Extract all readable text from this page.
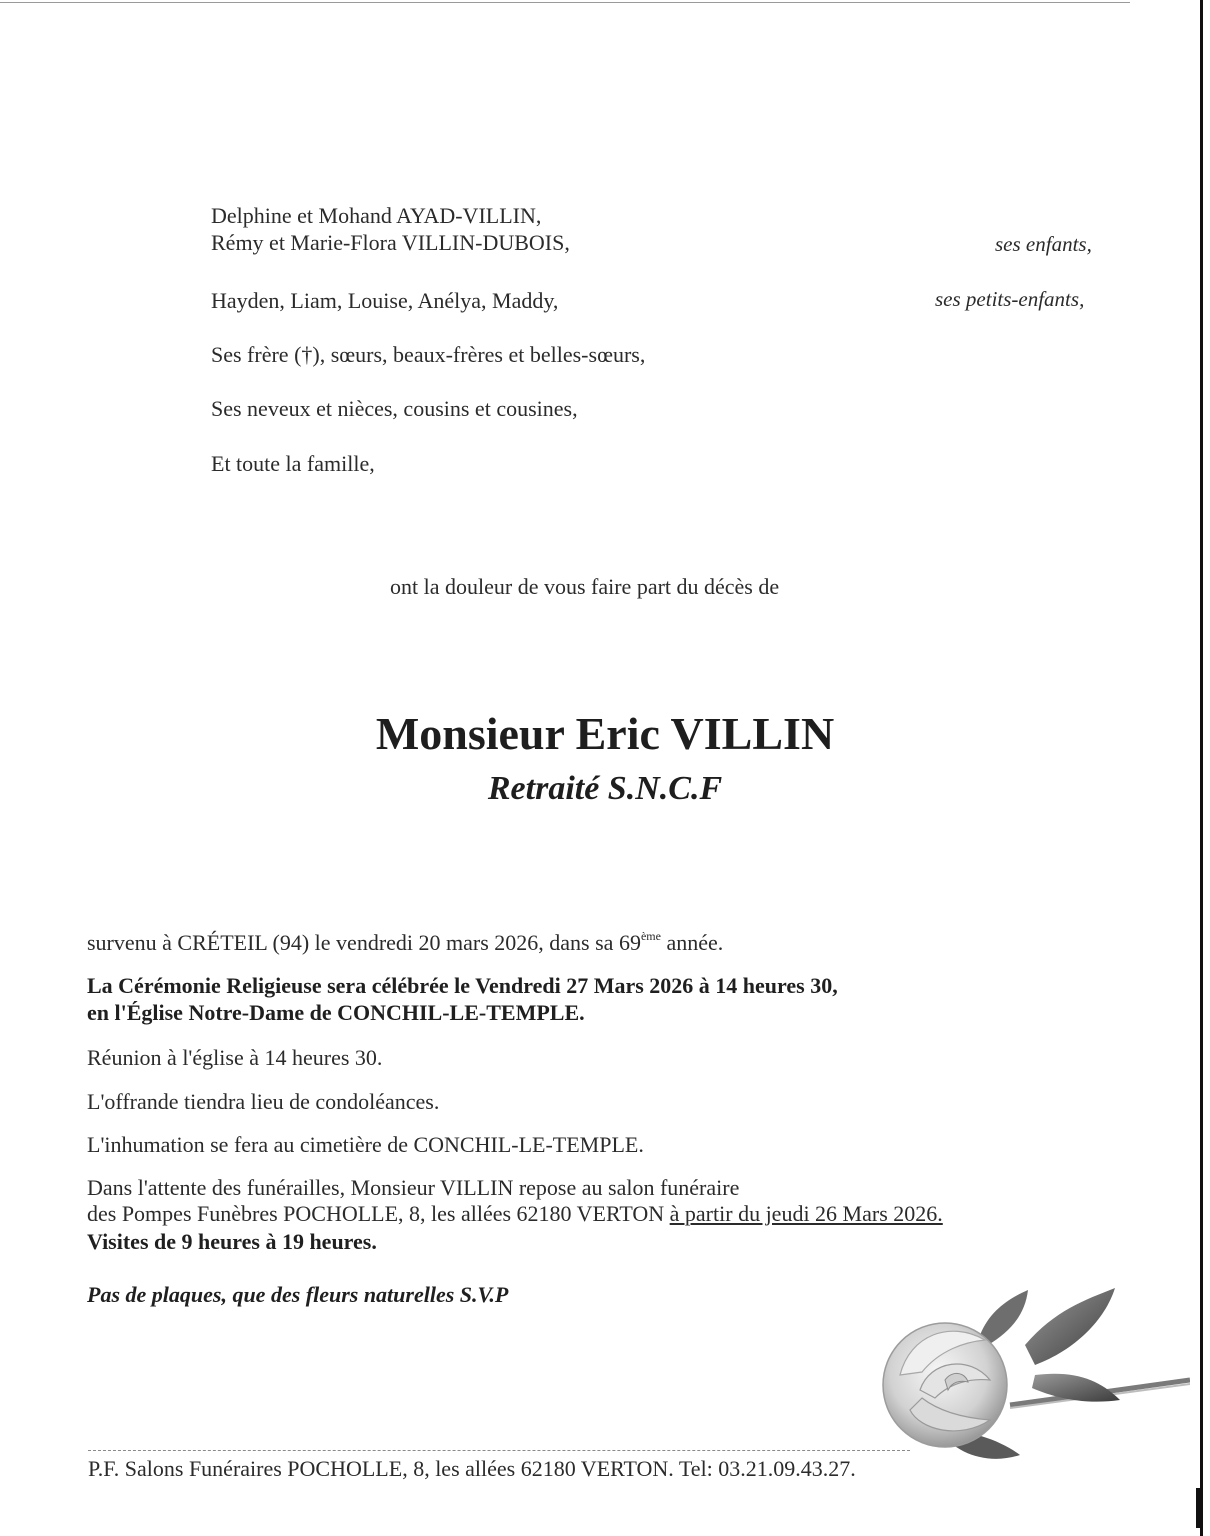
Delphine et Mohand AYAD-VILLIN,
Rémy et Marie-Flora VILLIN-DUBOIS,	ses enfants,
Hayden, Liam, Louise, Anélya, Maddy,	ses petits-enfants,
Ses frère (†), sœurs, beaux-frères et belles-sœurs,
Ses neveux et nièces, cousins et cousines,
Et toute la famille,
ont la douleur de vous faire part du décès de
Monsieur Eric VILLIN
Retraité S.N.C.F
survenu à CRÉTEIL (94) le vendredi 20 mars 2026, dans sa 69ème année.
La Cérémonie Religieuse sera célébrée le Vendredi 27 Mars 2026 à 14 heures 30,
en l'Église Notre-Dame de CONCHIL-LE-TEMPLE.
Réunion à l'église à 14 heures 30.
L'offrande tiendra lieu de condoléances.
L'inhumation se fera au cimetière de CONCHIL-LE-TEMPLE.
Dans l'attente des funérailles, Monsieur VILLIN repose au salon funéraire
des Pompes Funèbres POCHOLLE, 8, les allées 62180 VERTON à partir du jeudi 26 Mars 2026.
Visites de 9 heures à 19 heures.
Pas de plaques, que des fleurs naturelles S.V.P
P.F. Salons Funéraires POCHOLLE, 8, les allées 62180 VERTON. Tel: 03.21.09.43.27.
